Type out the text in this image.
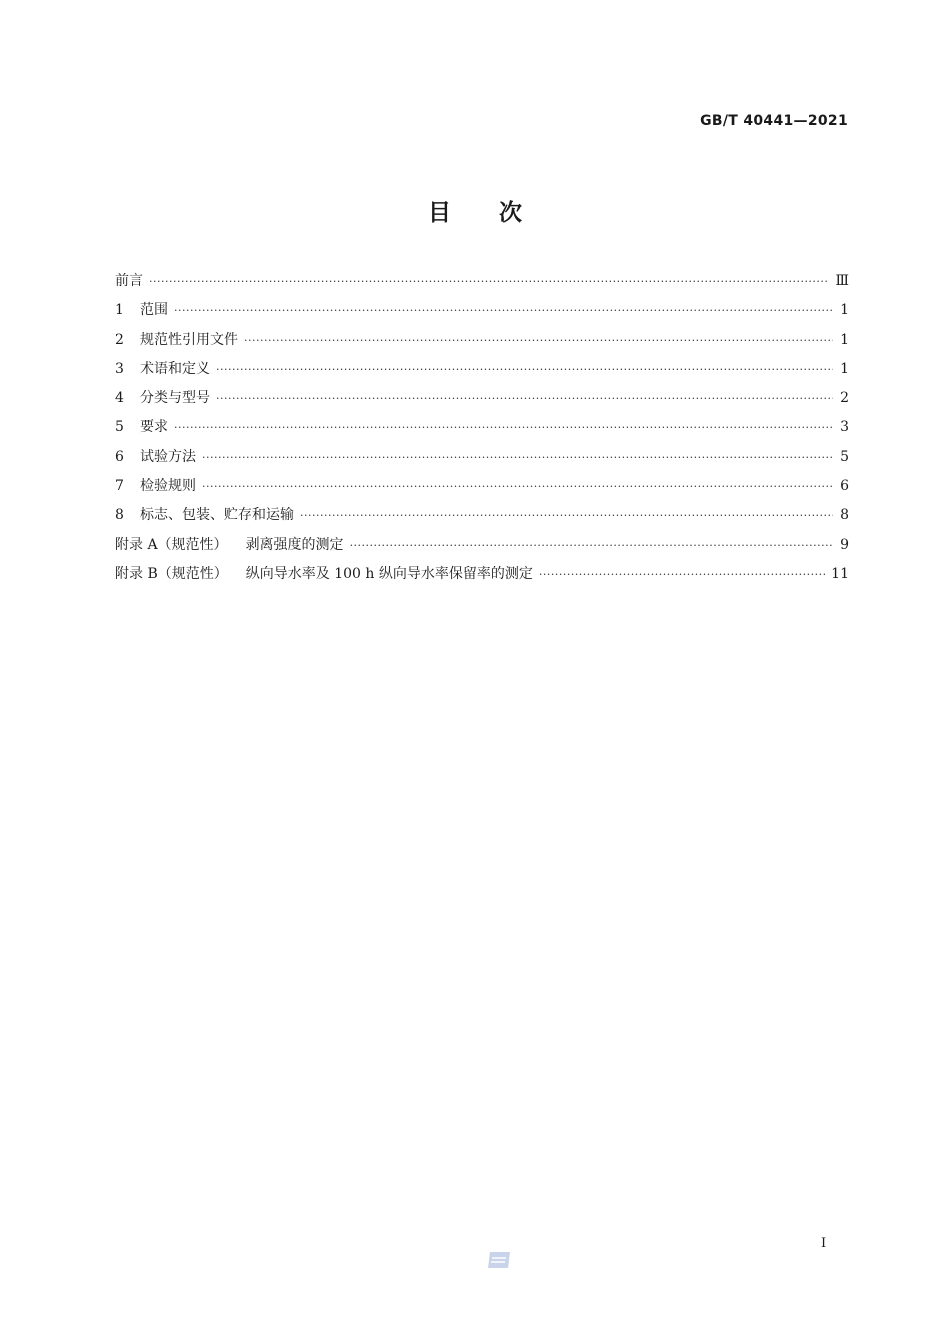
GB/T 40441—2021
目 次
前言 ·····	Ⅲ
1	范围 ·····	1
2	规范性引用文件 ·····	1
3	术语和定义 ·····	1
4	分类与型号 ·····	2
5	要求 ·····	3
6	试验方法 ·····	5
7	检验规则 ·····	6
8	标志、包装、贮存和运输 ·····	8
附录 A（规范性） 剥离强度的测定 ·····	9
附录 B（规范性） 纵向导水率及 100 h 纵向导水率保留率的测定 ·····	11
Ⅰ
